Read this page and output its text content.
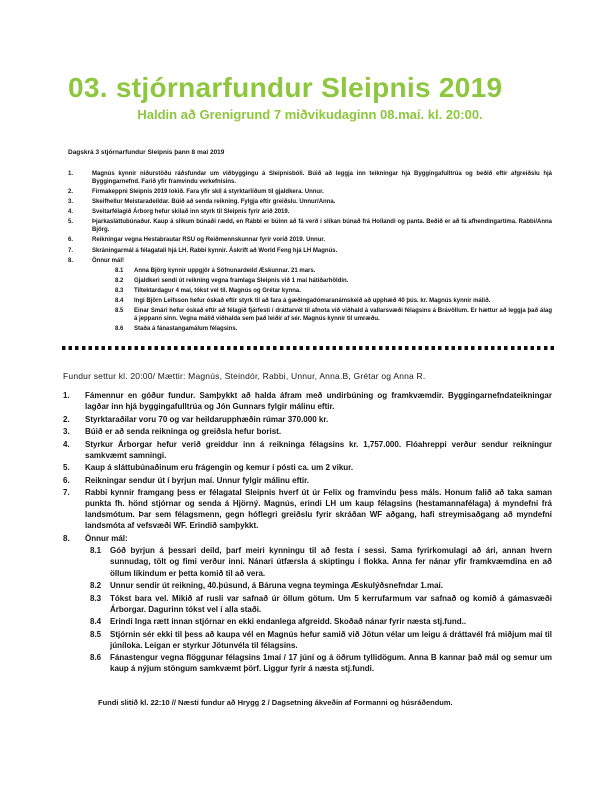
03. stjórnarfundur Sleipnis 2019
Haldin að Grenigrund 7 miðvikudaginn 08.maí. kl. 20:00.
Dagskrá 3 stjórnarfundur Sleipnis þann 8 maí 2019
1.	Magnús kynnir niðurstöðu ráðsfundar um viðbyggingu á Sleipnisbóli. Búið að leggja inn teikningar hjá Byggingafulltrúa og beðið eftir afgreiðslu hjá Byggingarnefnd. Farið yfir framvindu verkefnisins.
2.	Firmakeppni Sleipnis 2019 lokið. Fara yfir skil á styrktarliðum til gjaldkera. Unnur.
3.	Skeifhellur Meistaradeildar. Búið að senda reikning. Fylgja eftir greiðslu. Unnur/Anna.
4.	Sveitarfélagið Árborg hefur skilað inn styrk til Sleipnis fyrir árið 2019.
5.	Þjarkasláttubúnaður. Kaup á slíkum búnaði rædd, en Rabbi er búinn að fá verð í slíkan búnað frá Hollandi og panta. Beðið er að fá afhendingartíma. Rabbi/Anna Björg.
6.	Reikningar vegna Hestabrautar RSU og Reiðmennskunnar fyrir vorið 2019. Unnur.
7.	Skráningarmál á félagatali hjá LH. Rabbi kynnir. Áskrift að World Feng hjá LH Magnús.
8.	Önnur mál!
8.1	Anna Björg kynnir uppgjör á Söfnunardeild Æskunnar. 21 mars.
8.2	Gjaldkeri sendi út reikning vegna framlaga Sleipnis við 1 maí hátíðarhöldin.
8.3	Tiltektardagur 4 maí, tókst vel til. Magnús og Grétar kynna.
8.4	Ingi Björn Leifsson hefur óskað eftir styrk til að fara á gæðingadómaranámskeið að upphæð 40 þús. kr. Magnús kynnir málið.
8.5	Einar Smári hefur óskað eftir að félagið fjárfesti í dráttarvél til afnota við viðhald á vallarsvæði félagsins á Brávöllum. Er hættur að leggja það álag á jeppann sinn. Vegna málið viðhalda sem það leiðir af sér. Magnús kynnir til umræðu.
8.6	Staða á fánastangamálum félagsins.
Fundur settur kl. 20:00/ Mættir: Magnús, Steindór, Rabbi, Unnur, Anna.B, Grétar og Anna R.
1.	Fámennur en góður fundur. Samþykkt að halda áfram með undirbúning og framkvæmdir. Byggingarnefndateikningar lagðar inn hjá byggingafulltrúa og Jón Gunnars fylgir málinu eftir.
2.	Styrktaraðilar voru 70 og var heildarupphæðin rúmar 370.000 kr.
3.	Búið er að senda reikninga og greiðsla hefur borist.
4.	Styrkur Árborgar hefur verið greiddur inn á reikninga félagsins kr. 1,757.000. Flóahreppi verður sendur reikningur samkvæmt samningi.
5.	Kaup á sláttubúnaðinum eru frágengin og kemur í pósti ca. um 2 vikur.
6.	Reikningar sendur út í byrjun maí. Unnur fylgir málinu eftir.
7.	Rabbi kynnir framgang þess er félagatal Sleipnis hverf út úr Felix og framvindu þess máls. Honum falið að taka saman punkta fh. hönd stjórnar og senda á Hjörný. Magnús, erindi LH um kaup félagsins (hestamannafélaga) á myndefni frá landsmótum. Þar sem félagsmenn, gegn hóflegri greiðslu fyrir skráðan WF aðgang, hafi streymisaðgang að myndefni landsmóta af vefsvæði WF. Erindið samþykkt.
8.	Önnur mál:
8.1	Góð byrjun á þessari deild, þarf meiri kynningu til að festa í sessi. Sama fyrirkomulagi að ári, annan hvern sunnudag, tölt og fimi verður inni. Nánari útfærsla á skiptingu í flokka. Anna fer nánar yfir framkvæmdina en að öllum líkindum er þetta komið til að vera.
8.2	Unnur sendir út reikning, 40.þúsund, á Báruna vegna teyminga Æskulýðsnefndar 1.maí.
8.3	Tókst bara vel. Mikið af rusli var safnað úr öllum götum. Um 5 kerrufarmum var safnað og komið á gámasvæði Árborgar. Dagurinn tókst vel í alla staði.
8.4	Erindi Inga rætt innan stjórnar en ekki endanlega afgreidd. Skoðað nánar fyrir næsta stj.fund..
8.5	Stjórnin sér ekki til þess að kaupa vél en Magnús hefur samið við Jötun vélar um leigu á dráttavél frá miðjum maí til júníloka. Leigan er styrkur Jötunvéla til félagsins.
8.6	Fánastengur vegna flöggunar félagsins 1maí / 17 júní og á öðrum tyllidögum. Anna B kannar það mál og semur um kaup á nýjum stöngum samkvæmt þörf. Liggur fyrir á næsta stj.fundi.
Fundi slitið kl. 22:10 // Næsti fundur að Hrygg 2 / Dagsetning ákveðin af Formanni og húsráðendum.
